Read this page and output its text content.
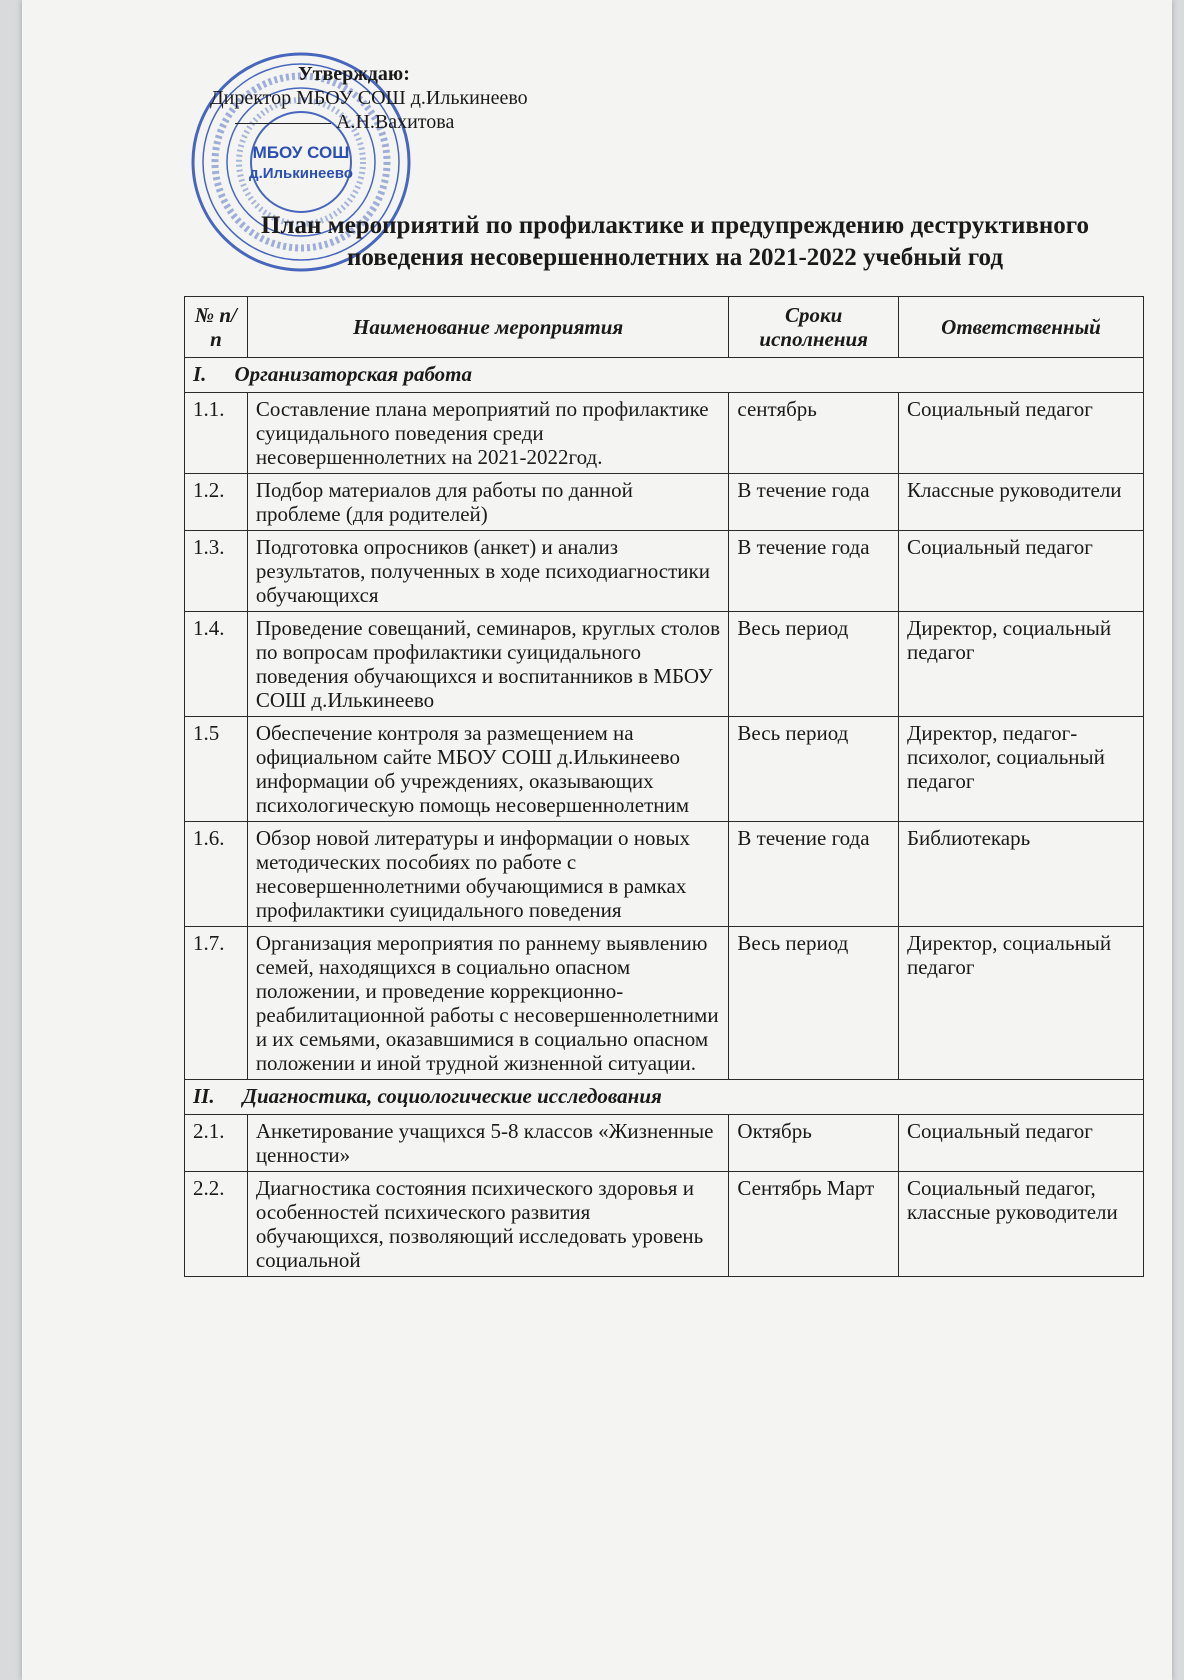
МБОУ СОШ
д.Илькинеево
Утверждаю:
Директор МБОУ СОШ д.Илькинеево
А.Н.Вахитова
План мероприятий по профилактике и предупреждению деструктивного
поведения несовершеннолетних на 2021-2022 учебный год
№ п/п	Наименование мероприятия	Сроки исполнения	Ответственный
I. Организаторская работа			
1.1.	Составление плана мероприятий по профилактике суицидального поведения среди несовершеннолетних на 2021-2022год.	сентябрь	Социальный педагог
1.2.	Подбор материалов для работы по данной проблеме (для родителей)	В течение года	Классные руководители
1.3.	Подготовка опросников (анкет) и анализ результатов, полученных в ходе психодиагностики обучающихся	В течение года	Социальный педагог
1.4.	Проведение совещаний, семинаров, круглых столов по вопросам профилактики суицидального поведения обучающихся и воспитанников в МБОУ СОШ д.Илькинеево	Весь период	Директор, социальный педагог
1.5	Обеспечение контроля за размещением на официальном сайте МБОУ СОШ д.Илькинеево информации об учреждениях, оказывающих психологическую помощь несовершеннолетним	Весь период	Директор, педагог-психолог, социальный педагог
1.6.	Обзор новой литературы и информации о новых методических пособиях по работе с несовершеннолетними обучающимися в рамках профилактики суицидального поведения	В течение года	Библиотекарь
1.7.	Организация мероприятия по раннему выявлению семей, находящихся в социально опасном положении, и проведение коррекционно-реабилитационной работы с несовершеннолетними и их семьями, оказавшимися в социально опасном положении и иной трудной жизненной ситуации.	Весь период	Директор, социальный педагог
II. Диагностика, социологические исследования			
2.1.	Анкетирование учащихся 5-8 классов «Жизненные ценности»	Октябрь	Социальный педагог
2.2.	Диагностика состояния психического здоровья и особенностей психического развития обучающихся, позволяющий исследовать уровень социальной	Сентябрь Март	Социальный педагог, классные руководители
